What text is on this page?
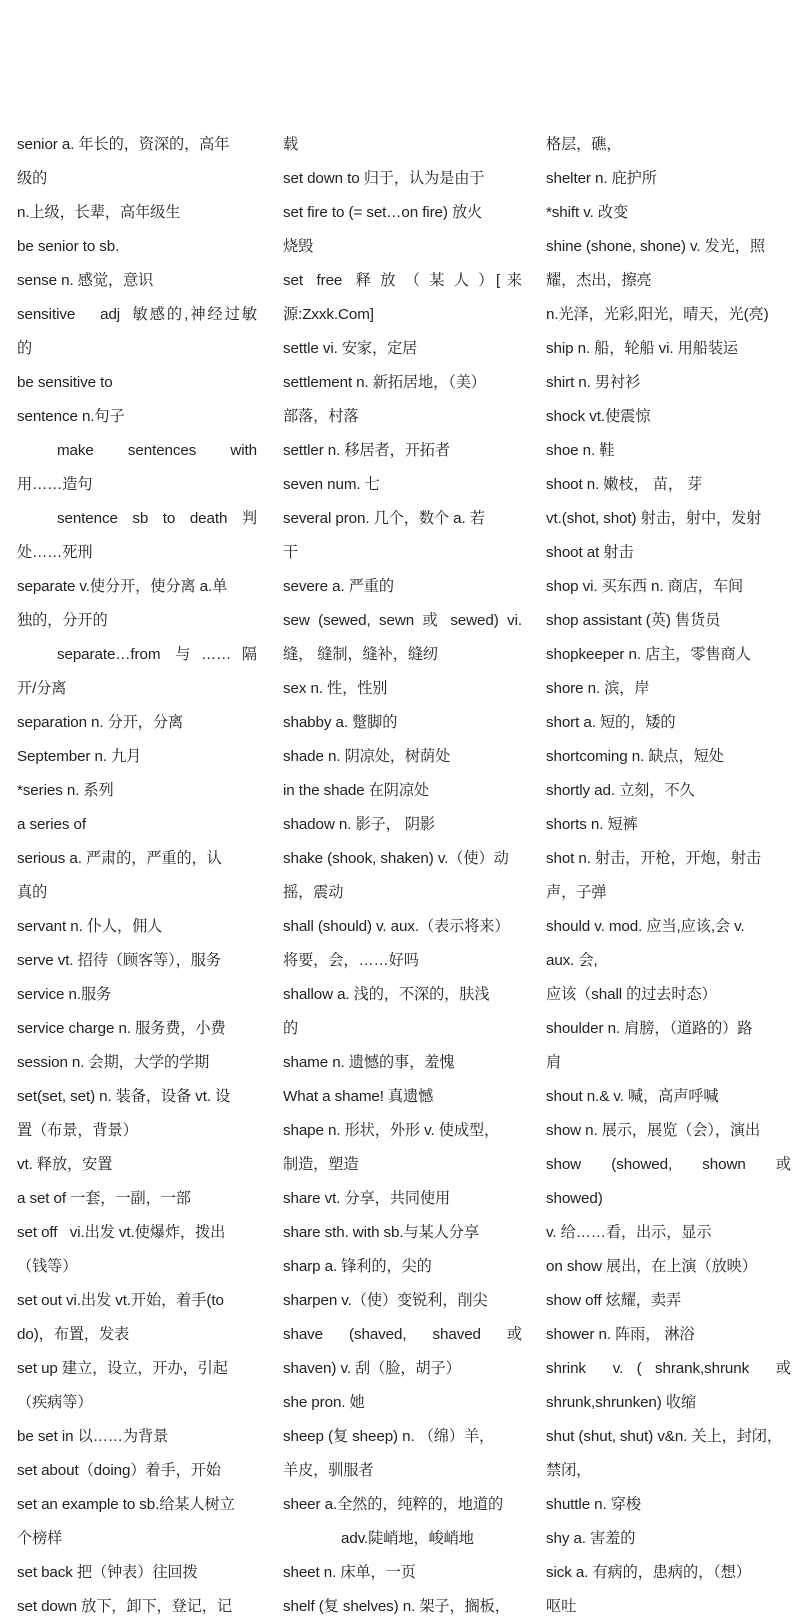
senior a. 年长的，资深的，高年
级的
n.上级，长辈，高年级生
be senior to sb.
sense n. 感觉，意识
sensitive    adj  敏感的,神经过敏
的
be sensitive to
sentence n.句子
make    sentences    with
用……造句
sentence  sb  to  death  判
处……死刑
separate v.使分开，使分离 a.单
独的，分开的
separate…from 与……隔
开/分离
separation n. 分开，分离
September n. 九月
*series n. 系列
a series of
serious a. 严肃的，严重的，认
真的
servant n. 仆人，佣人
serve vt. 招待（顾客等），服务
service n.服务
service charge n. 服务费，小费
session n. 会期，大学的学期
set(set, set) n. 装备，设备 vt. 设
置（布景，背景）
vt. 释放，安置
a set of 一套，一副，一部
set off   vi.出发 vt.使爆炸，拨出
（钱等）
set out vi.出发 vt.开始，着手(to
do)，布置，发表
set up 建立，设立，开办，引起
（疾病等）
be set in 以……为背景
set about（doing）着手，开始
set an example to sb.给某人树立
个榜样
set back 把（钟表）往回拨
set down 放下，卸下，登记，记
载
set down to 归于，认为是由于
set fire to (= set…on fire) 放火
烧毁
set  free  释 放 （ 某 人 ）[ 来
源:Zxxk.Com]
settle vi. 安家，定居
settlement n. 新拓居地，（美）
部落，村落
settler n. 移居者，开拓者
seven num. 七
several pron. 几个，数个 a. 若
干
severe a. 严重的
sew (sewed, sewn 或 sewed) vi.
缝， 缝制，缝补，缝纫
sex n. 性，性别
shabby a. 蹩脚的
shade n. 阴凉处，树荫处
in the shade 在阴凉处
shadow n. 影子， 阴影
shake (shook, shaken) v.（使）动
摇，震动
shall (should) v. aux.（表示将来）
将要，会，……好吗
shallow a. 浅的，不深的，肤浅
的
shame n. 遗憾的事，羞愧
What a shame! 真遗憾
shape n. 形状，外形 v. 使成型，
制造，塑造
share vt. 分享，共同使用
share sth. with sb.与某人分享
sharp a. 锋利的，尖的
sharpen v.（使）变锐利，削尖
shave  (shaved,  shaved  或
shaven) v. 刮（脸，胡子）
she pron. 她
sheep (复 sheep) n. （绵）羊，
羊皮，驯服者
sheer a.全然的，纯粹的，地道的
adv.陡峭地，峻峭地
sheet n. 床单，一页
shelf (复 shelves) n. 架子，搁板，
格层，礁，
shelter n. 庇护所
*shift v. 改变
shine (shone, shone) v. 发光，照
耀，杰出，擦亮
n.光泽，光彩,阳光，晴天，光(亮)
ship n. 船，轮船 vi. 用船装运
shirt n. 男衬衫
shock vt.使震惊
shoe n. 鞋
shoot n. 嫩枝， 苗， 芽
vt.(shot, shot) 射击，射中，发射
shoot at 射击
shop vi. 买东西 n. 商店，车间
shop assistant (英) 售货员
shopkeeper n. 店主，零售商人
shore n. 滨，岸
short a. 短的，矮的
shortcoming n. 缺点，短处
shortly ad. 立刻，不久
shorts n. 短裤
shot n. 射击，开枪，开炮，射击
声，子弹
should v. mod. 应当,应该,会 v.
aux. 会,
应该（shall 的过去时态）
shoulder n. 肩膀，（道路的）路
肩
shout n.& v. 喊，高声呼喊
show n. 展示，展览（会），演出
show    (showed,    shown    或
showed)
v. 给……看，出示，显示
on show 展出，在上演（放映）
show off 炫耀，卖弄
shower n. 阵雨， 淋浴
shrink  v. ( shrank,shrunk  或
shrunk,shrunken) 收缩
shut (shut, shut) v&n. 关上，封闭，
禁闭，
shuttle n. 穿梭
shy a. 害羞的
sick a. 有病的，患病的，（想）
呕吐
